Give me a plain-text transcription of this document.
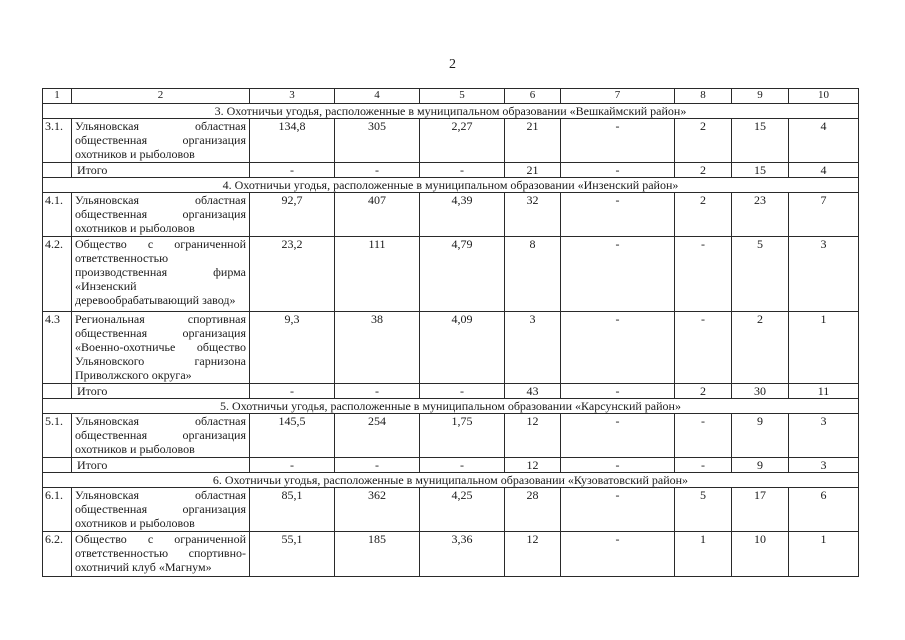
2
1	2	3	4	5	6	7	8	9	10
3. Охотничьи угодья, расположенные в муниципальном образовании «Вешкаймский район»									
3.1.	Ульяновская областная общественная организация охотников и рыболовов	134,8	305	2,27	21	-	2	15	4
	Итого	-	-	-	21	-	2	15	4
4. Охотничьи угодья, расположенные в муниципальном образовании «Инзенский район»									
4.1.	Ульяновская областная общественная организация охотников и рыболовов	92,7	407	4,39	32	-	2	23	7
4.2.	Общество с ограниченной ответственностью производственная фирма «Инзенский деревообрабатывающий завод»	23,2	111	4,79	8	-	-	5	3
4.3	Региональная спортивная общественная организация «Военно-охотничье общество Ульяновского гарнизона Приволжского округа»	9,3	38	4,09	3	-	-	2	1
	Итого	-	-	-	43	-	2	30	11
5. Охотничьи угодья, расположенные в муниципальном образовании «Карсунский район»									
5.1.	Ульяновская областная общественная организация охотников и рыболовов	145,5	254	1,75	12	-	-	9	3
	Итого	-	-	-	12	-	-	9	3
6. Охотничьи угодья, расположенные в муниципальном образовании «Кузоватовский район»									
6.1.	Ульяновская областная общественная организация охотников и рыболовов	85,1	362	4,25	28	-	5	17	6
6.2.	Общество с ограниченной ответственностью спортивно-охотничий клуб «Магнум»	55,1	185	3,36	12	-	1	10	1
